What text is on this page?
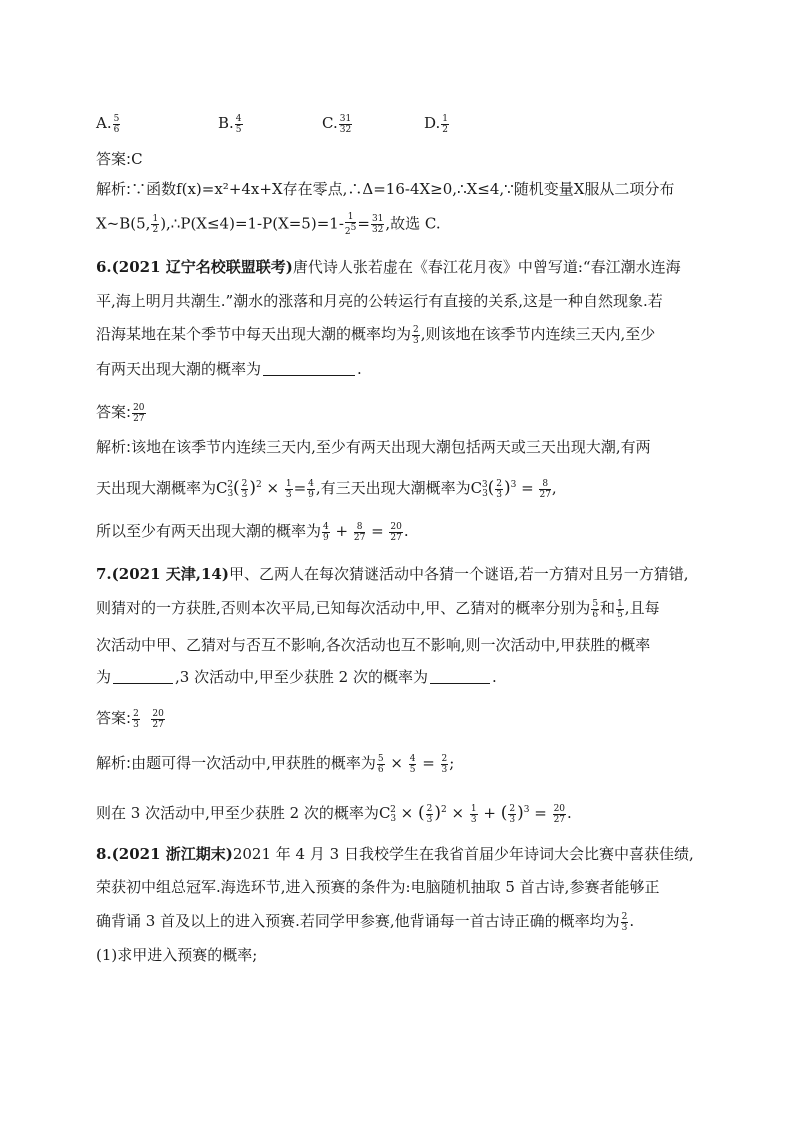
A. $\frac{5}{6}$	B. $\frac{4}{5}$	C. $\frac{31}{32}$	D. $\frac{1}{2}$
答案:C
解析:∵函数f(x)=x²+4x+X存在零点,∴Δ=16-4X≥0,∴X≤4,∵随机变量X服从二项分布
X~B(5, $\frac{1}{2}$ ),∴P(X≤4)=1-P(X=5)=1- $\frac{1}{2^5} = \frac{31}{32}$ ,故选 C.
6.(2021 辽宁名校联盟联考)唐代诗人张若虚在《春江花月夜》中曾写道:“春江潮水连海
平,海上明月共潮生.”潮水的涨落和月亮的公转运行有直接的关系,这是一种自然现象.若
沿海某地在某个季节中每天出现大潮的概率均为 $\frac{2}{3}$ ,则该地在该季节内连续三天内,至少
有两天出现大潮的概率为	.
答案: $\frac{20}{27}$
解析:该地在该季节内连续三天内,至少有两天出现大潮包括两天或三天出现大潮,有两
天出现大潮概率为$C_3^2( \frac{2}{3} )^2 \times \frac{1}{3} = \frac{4}{9}$ ,有三天出现大潮概率为$C_3^3( \frac{2}{3} )^3 = \frac{8}{27}$ ,
所以至少有两天出现大潮的概率为 $\frac{4}{9} + \frac{8}{27} = \frac{20}{27}$ .
7.(2021 天津,14)甲、乙两人在每次猜谜活动中各猜一个谜语,若一方猜对且另一方猜错,
则猜对的一方获胜,否则本次平局,已知每次活动中,甲、乙猜对的概率分别为 $\frac{5}{6}$ 和 $\frac{1}{5}$ ,且每
次活动中甲、乙猜对与否互不影响,各次活动也互不影响,则一次活动中,甲获胜的概率
为	,3 次活动中,甲至少获胜 2 次的概率为	.
答案: $\frac{2}{3}$
$\frac{20}{27}$
解析:由题可得一次活动中,甲获胜的概率为 $\frac{5}{6} \times \frac{4}{5} = \frac{2}{3}$ ;
则在 3 次活动中,甲至少获胜 2 次的概率为$C_3^2$ × ( $\frac{2}{3} )^2 \times \frac{1}{3}$ + ( $\frac{2}{3} )^3 = \frac{20}{27}$ .
8.(2021 浙江期末)2021 年 4 月 3 日我校学生在我省首届少年诗词大会比赛中喜获佳绩,
荣获初中组总冠军.海选环节,进入预赛的条件为:电脑随机抽取 5 首古诗,参赛者能够正
确背诵 3 首及以上的进入预赛.若同学甲参赛,他背诵每一首古诗正确的概率均为 $\frac{2}{3}$ .
(1)求甲进入预赛的概率;
